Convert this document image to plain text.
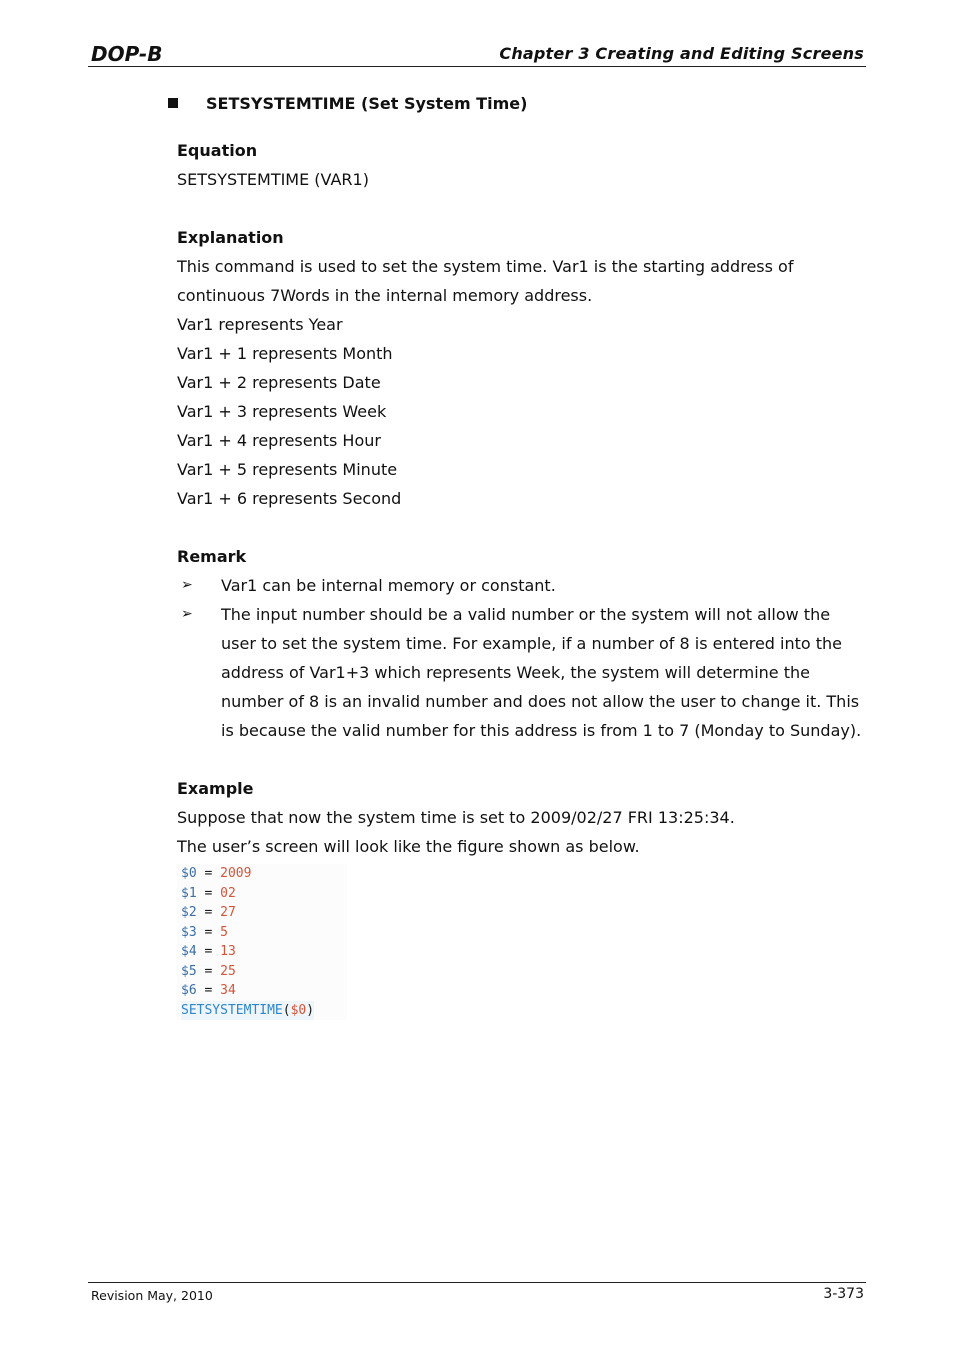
DOP-B	Chapter 3 Creating and Editing Screens
SETSYSTEMTIME (Set System Time)
Equation
SETSYSTEMTIME (VAR1)
Explanation
This command is used to set the system time. Var1 is the starting address of
continuous 7Words in the internal memory address.
Var1 represents Year
Var1 + 1 represents Month
Var1 + 2 represents Date
Var1 + 3 represents Week
Var1 + 4 represents Hour
Var1 + 5 represents Minute
Var1 + 6 represents Second
Remark
➢ Var1 can be internal memory or constant.
➢ The input number should be a valid number or the system will not allow the
user to set the system time. For example, if a number of 8 is entered into the
address of Var1+3 which represents Week, the system will determine the
number of 8 is an invalid number and does not allow the user to change it. This
is because the valid number for this address is from 1 to 7 (Monday to Sunday).
Example
Suppose that now the system time is set to 2009/02/27 FRI 13:25:34.
The user’s screen will look like the figure shown as below.
$0 = 2009
$1 = 02
$2 = 27
$3 = 5
$4 = 13
$5 = 25
$6 = 34
SETSYSTEMTIME($0)
Revision May, 2010	3-373
